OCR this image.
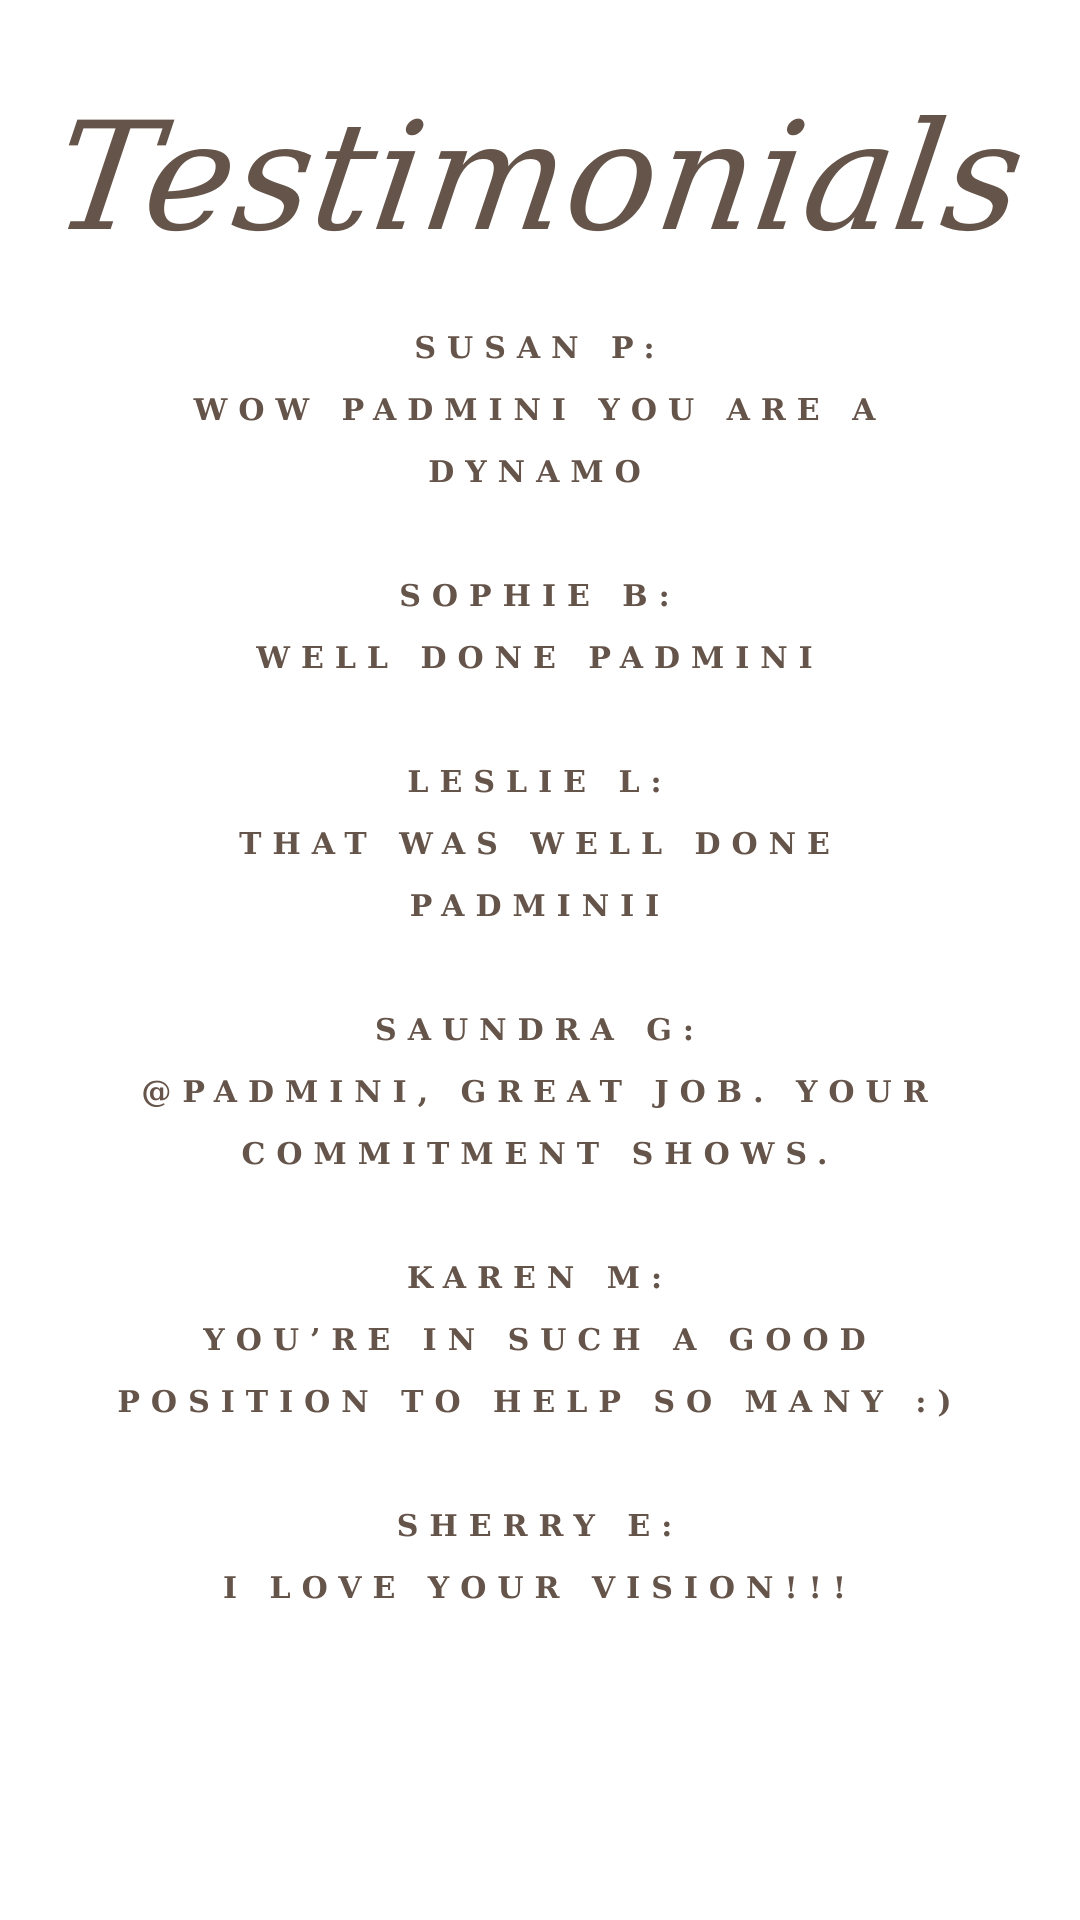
Testimonials
SUSAN P:
WOW PADMINI YOU ARE A
DYNAMO
SOPHIE B:
WELL DONE PADMINI
LESLIE L:
THAT WAS WELL DONE
PADMINII
SAUNDRA G:
@PADMINI, GREAT JOB. YOUR
COMMITMENT SHOWS.
KAREN M:
YOU’RE IN SUCH A GOOD
POSITION TO HELP SO MANY :)
SHERRY E:
I LOVE YOUR VISION!!!
